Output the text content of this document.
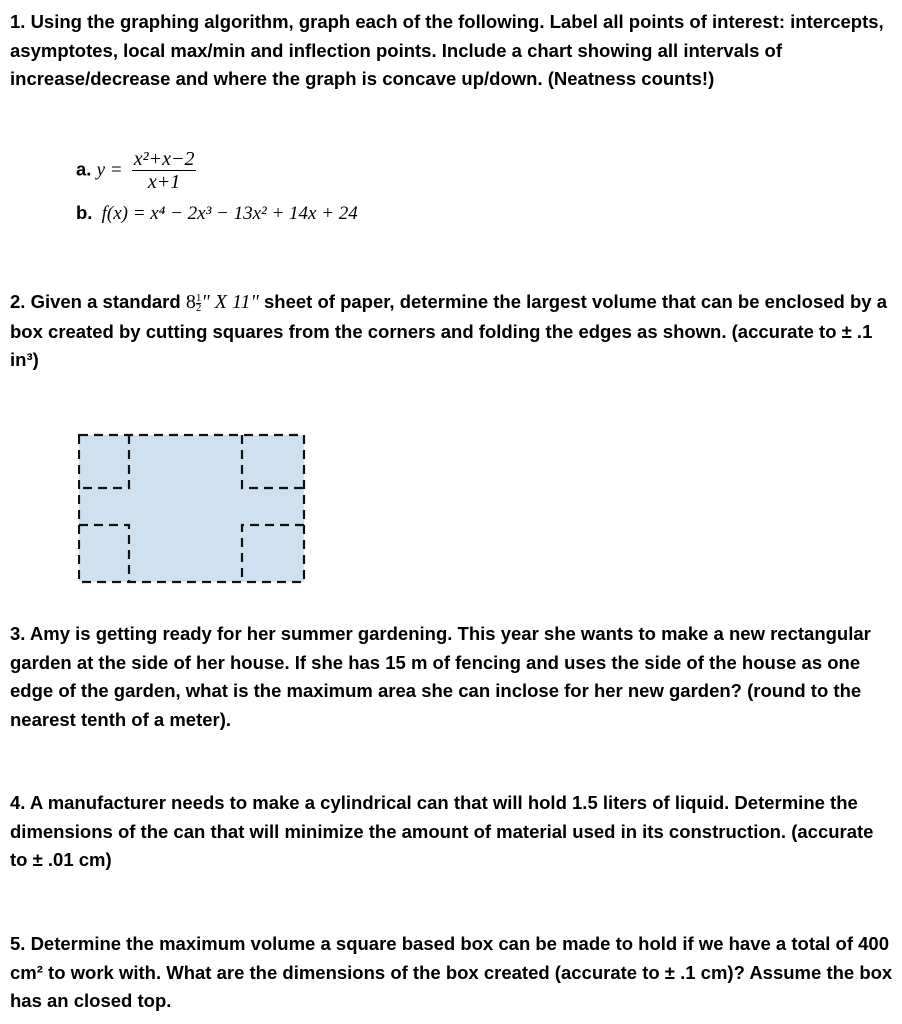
1. Using the graphing algorithm, graph each of the following. Label all points of interest: intercepts, asymptotes, local max/min and inflection points. Include a chart showing all intervals of increase/decrease and where the graph is concave up/down. (Neatness counts!)

a. $y = \frac{\text{x²+x−2}}{x+1}$
b. f(x) = x⁴ − 2x³ − 13x² + 14x + 24

2. Given a standard $8 \frac{1}{2}$ " X 11" sheet of paper, determine the largest volume that can be enclosed by a box created by cutting squares from the corners and folding the edges as shown. (accurate to ± .1 in³)

3. Amy is getting ready for her summer gardening. This year she wants to make a new rectangular garden at the side of her house. If she has 15 m of fencing and uses the side of the house as one edge of the garden, what is the maximum area she can inclose for her new garden? (round to the nearest tenth of a meter).

4. A manufacturer needs to make a cylindrical can that will hold 1.5 liters of liquid. Determine the dimensions of the can that will minimize the amount of material used in its construction. (accurate to ± .01 cm)

5. Determine the maximum volume a square based box can be made to hold if we have a total of 400 cm² to work with. What are the dimensions of the box created (accurate to ± .1 cm)? Assume the box has an closed top.
